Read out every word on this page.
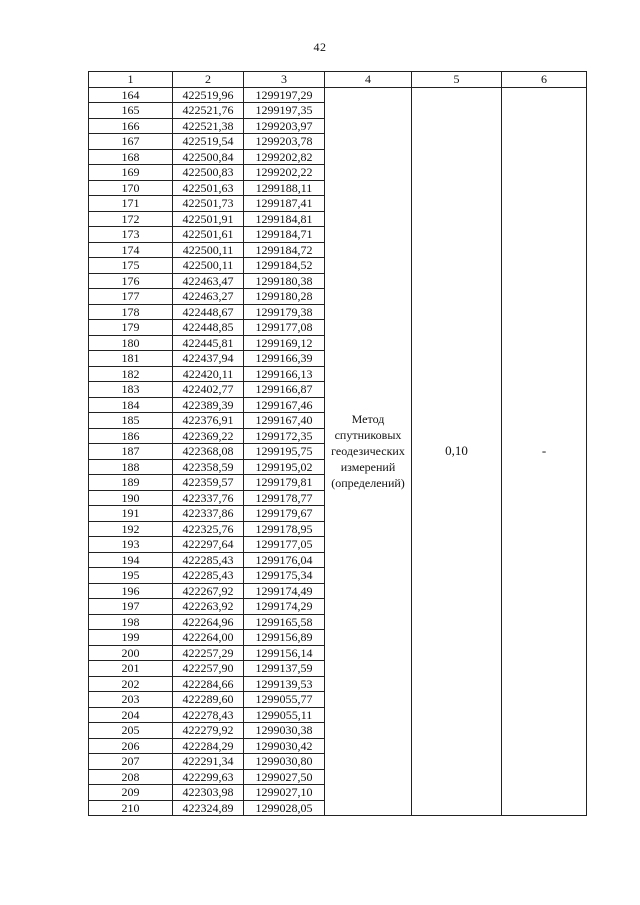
42
1	2	3	4	5	6
164	422519,96	1299197,29	Метод спутниковых геодезических измерений (определений)	0,10	-
165	422521,76	1299197,35			
166	422521,38	1299203,97			
167	422519,54	1299203,78			
168	422500,84	1299202,82			
169	422500,83	1299202,22			
170	422501,63	1299188,11			
171	422501,73	1299187,41			
172	422501,91	1299184,81			
173	422501,61	1299184,71			
174	422500,11	1299184,72			
175	422500,11	1299184,52			
176	422463,47	1299180,38			
177	422463,27	1299180,28			
178	422448,67	1299179,38			
179	422448,85	1299177,08			
180	422445,81	1299169,12			
181	422437,94	1299166,39			
182	422420,11	1299166,13			
183	422402,77	1299166,87			
184	422389,39	1299167,46			
185	422376,91	1299167,40			
186	422369,22	1299172,35			
187	422368,08	1299195,75			
188	422358,59	1299195,02			
189	422359,57	1299179,81			
190	422337,76	1299178,77			
191	422337,86	1299179,67			
192	422325,76	1299178,95			
193	422297,64	1299177,05			
194	422285,43	1299176,04			
195	422285,43	1299175,34			
196	422267,92	1299174,49			
197	422263,92	1299174,29			
198	422264,96	1299165,58			
199	422264,00	1299156,89			
200	422257,29	1299156,14			
201	422257,90	1299137,59			
202	422284,66	1299139,53			
203	422289,60	1299055,77			
204	422278,43	1299055,11			
205	422279,92	1299030,38			
206	422284,29	1299030,42			
207	422291,34	1299030,80			
208	422299,63	1299027,50			
209	422303,98	1299027,10			
210	422324,89	1299028,05			
